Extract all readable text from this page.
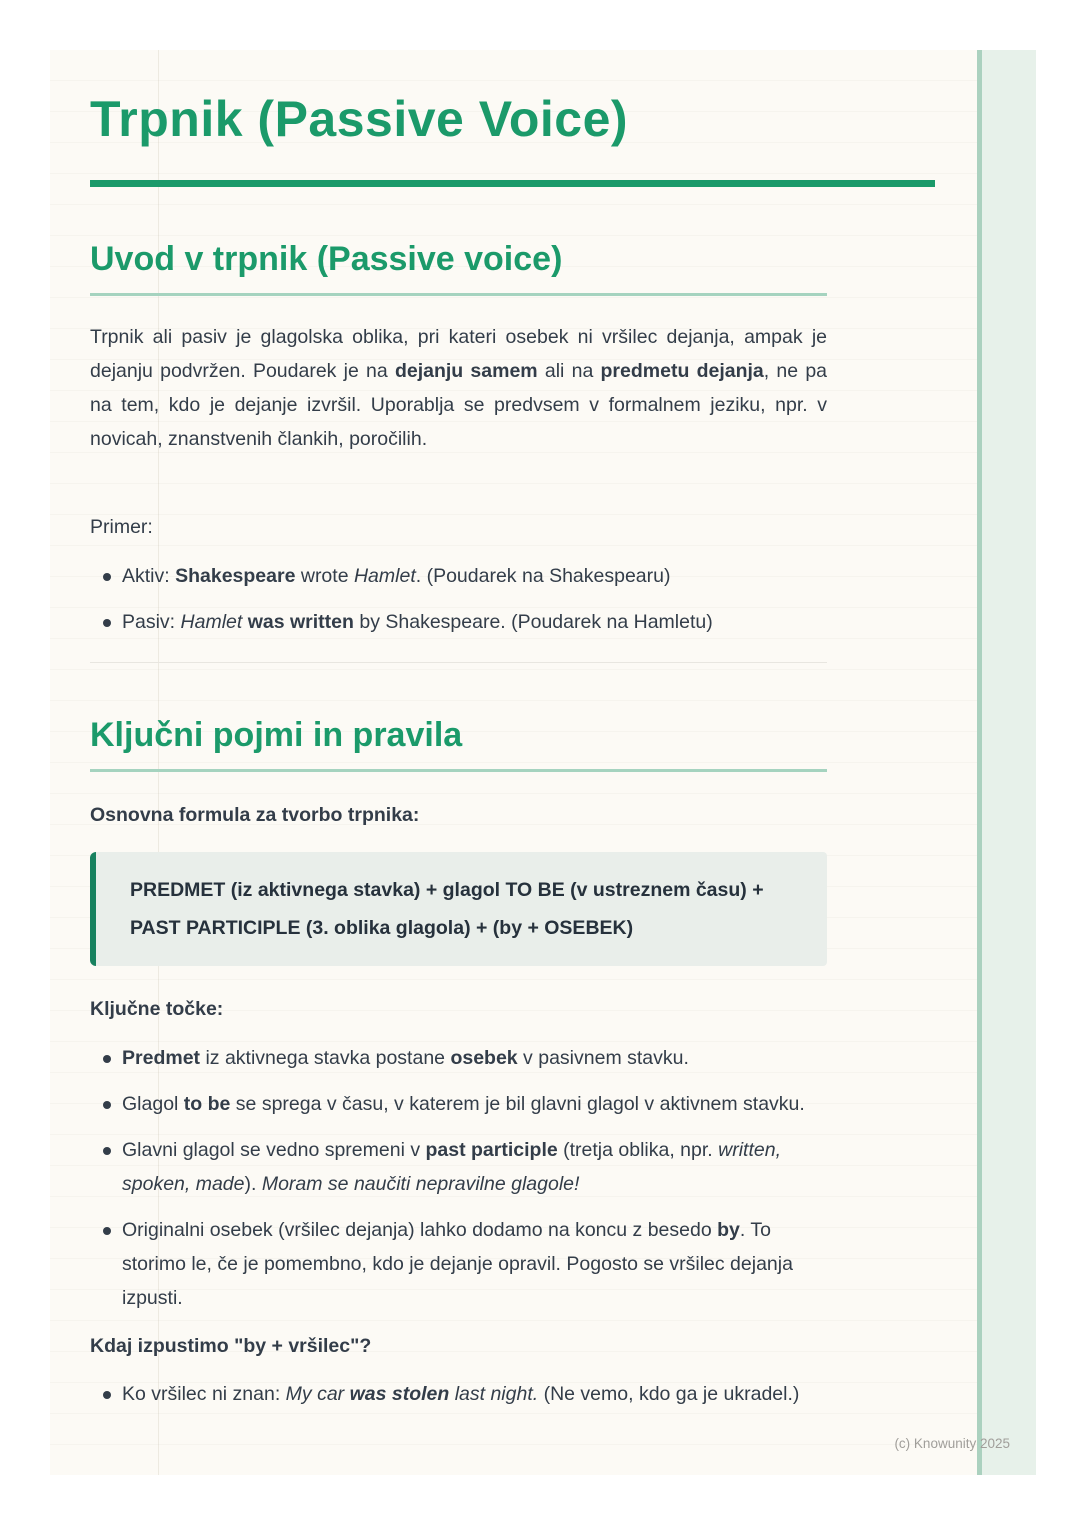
Trpnik (Passive Voice)
Uvod v trpnik (Passive voice)

Trpnik ali pasiv je glagolska oblika, pri kateri osebek ni vršilec dejanja, ampak je dejanju podvržen. Poudarek je na dejanju samem ali na predmetu dejanja, ne pa na tem, kdo je dejanje izvršil. Uporablja se predvsem v formalnem jeziku, npr. v novicah, znanstvenih člankih, poročilih.

Primer:

Aktiv: Shakespeare wrote Hamlet. (Poudarek na Shakespearu)
Pasiv: Hamlet was written by Shakespeare. (Poudarek na Hamletu)
Ključni pojmi in pravila

Osnovna formula za tvorbo trpnika:

PREDMET (iz aktivnega stavka) + glagol TO BE (v ustreznem času) + PAST PARTICIPLE (3. oblika glagola) + (by + OSEBEK)

Ključne točke:

Predmet iz aktivnega stavka postane osebek v pasivnem stavku.
Glagol to be se sprega v času, v katerem je bil glavni glagol v aktivnem stavku.
Glavni glagol se vedno spremeni v past participle (tretja oblika, npr. written, spoken, made). Moram se naučiti nepravilne glagole!
Originalni osebek (vršilec dejanja) lahko dodamo na koncu z besedo by. To storimo le, če je pomembno, kdo je dejanje opravil. Pogosto se vršilec dejanja izpusti.

Kdaj izpustimo "by + vršilec"?

Ko vršilec ni znan: My car was stolen last night. (Ne vemo, kdo ga je ukradel.)
(c) Knowunity 2025
